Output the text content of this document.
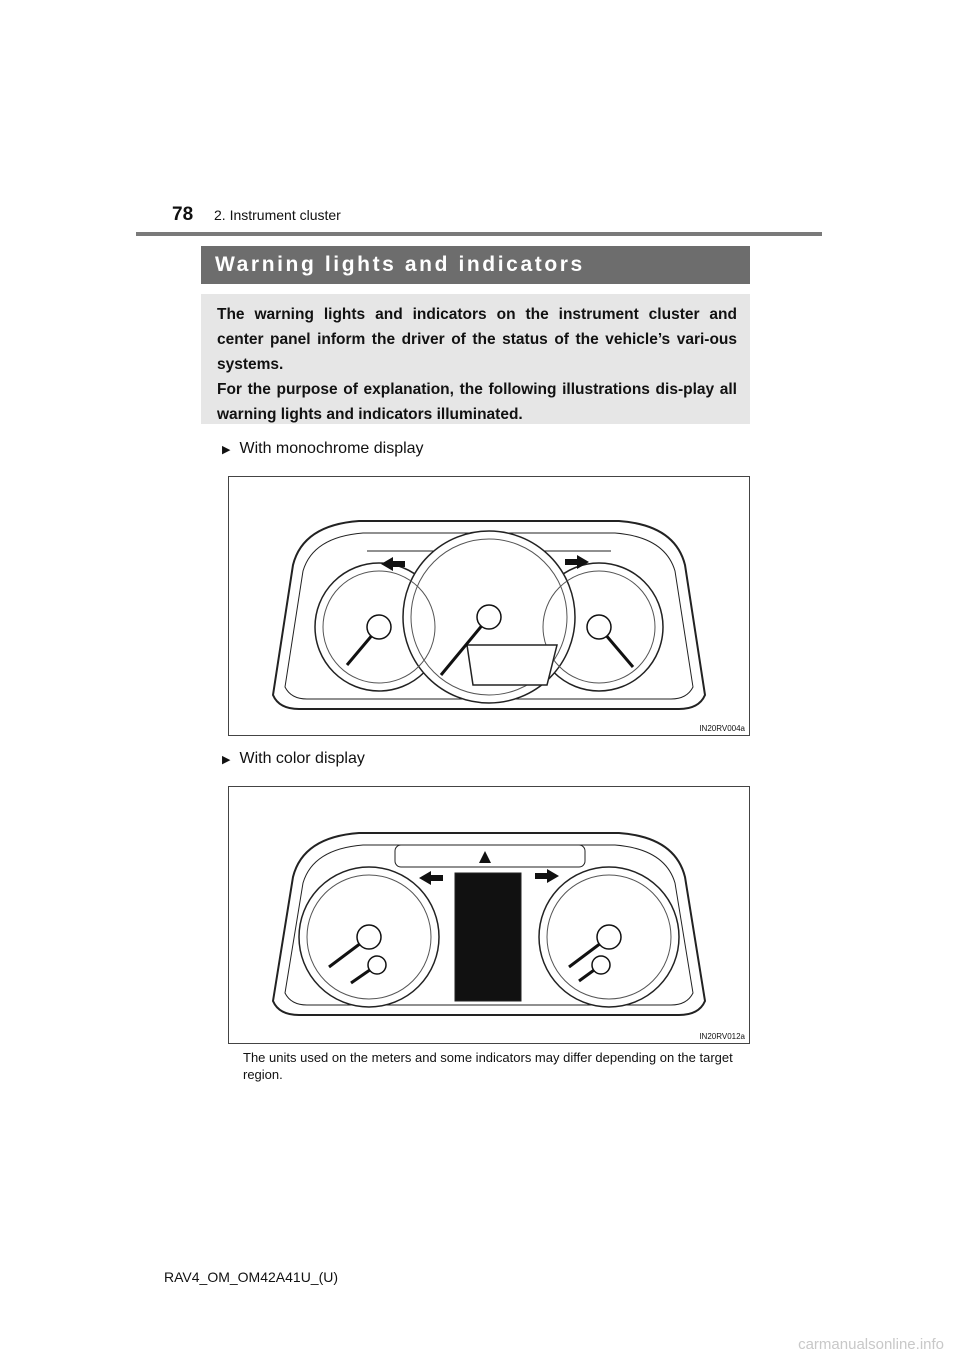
78 2. Instrument cluster
Warning lights and indicators

The warning lights and indicators on the instrument cluster and center panel inform the driver of the status of the vehicle’s vari-ous systems.

For the purpose of explanation, the following illustrations dis-play all warning lights and indicators illuminated.

▶ With monochrome display
IN20RV004a
▶ With color display
IN20RV012a
The units used on the meters and some indicators may differ depending on the target region.
RAV4_OM_OM42A41U_(U)
carmanualsonline.info
